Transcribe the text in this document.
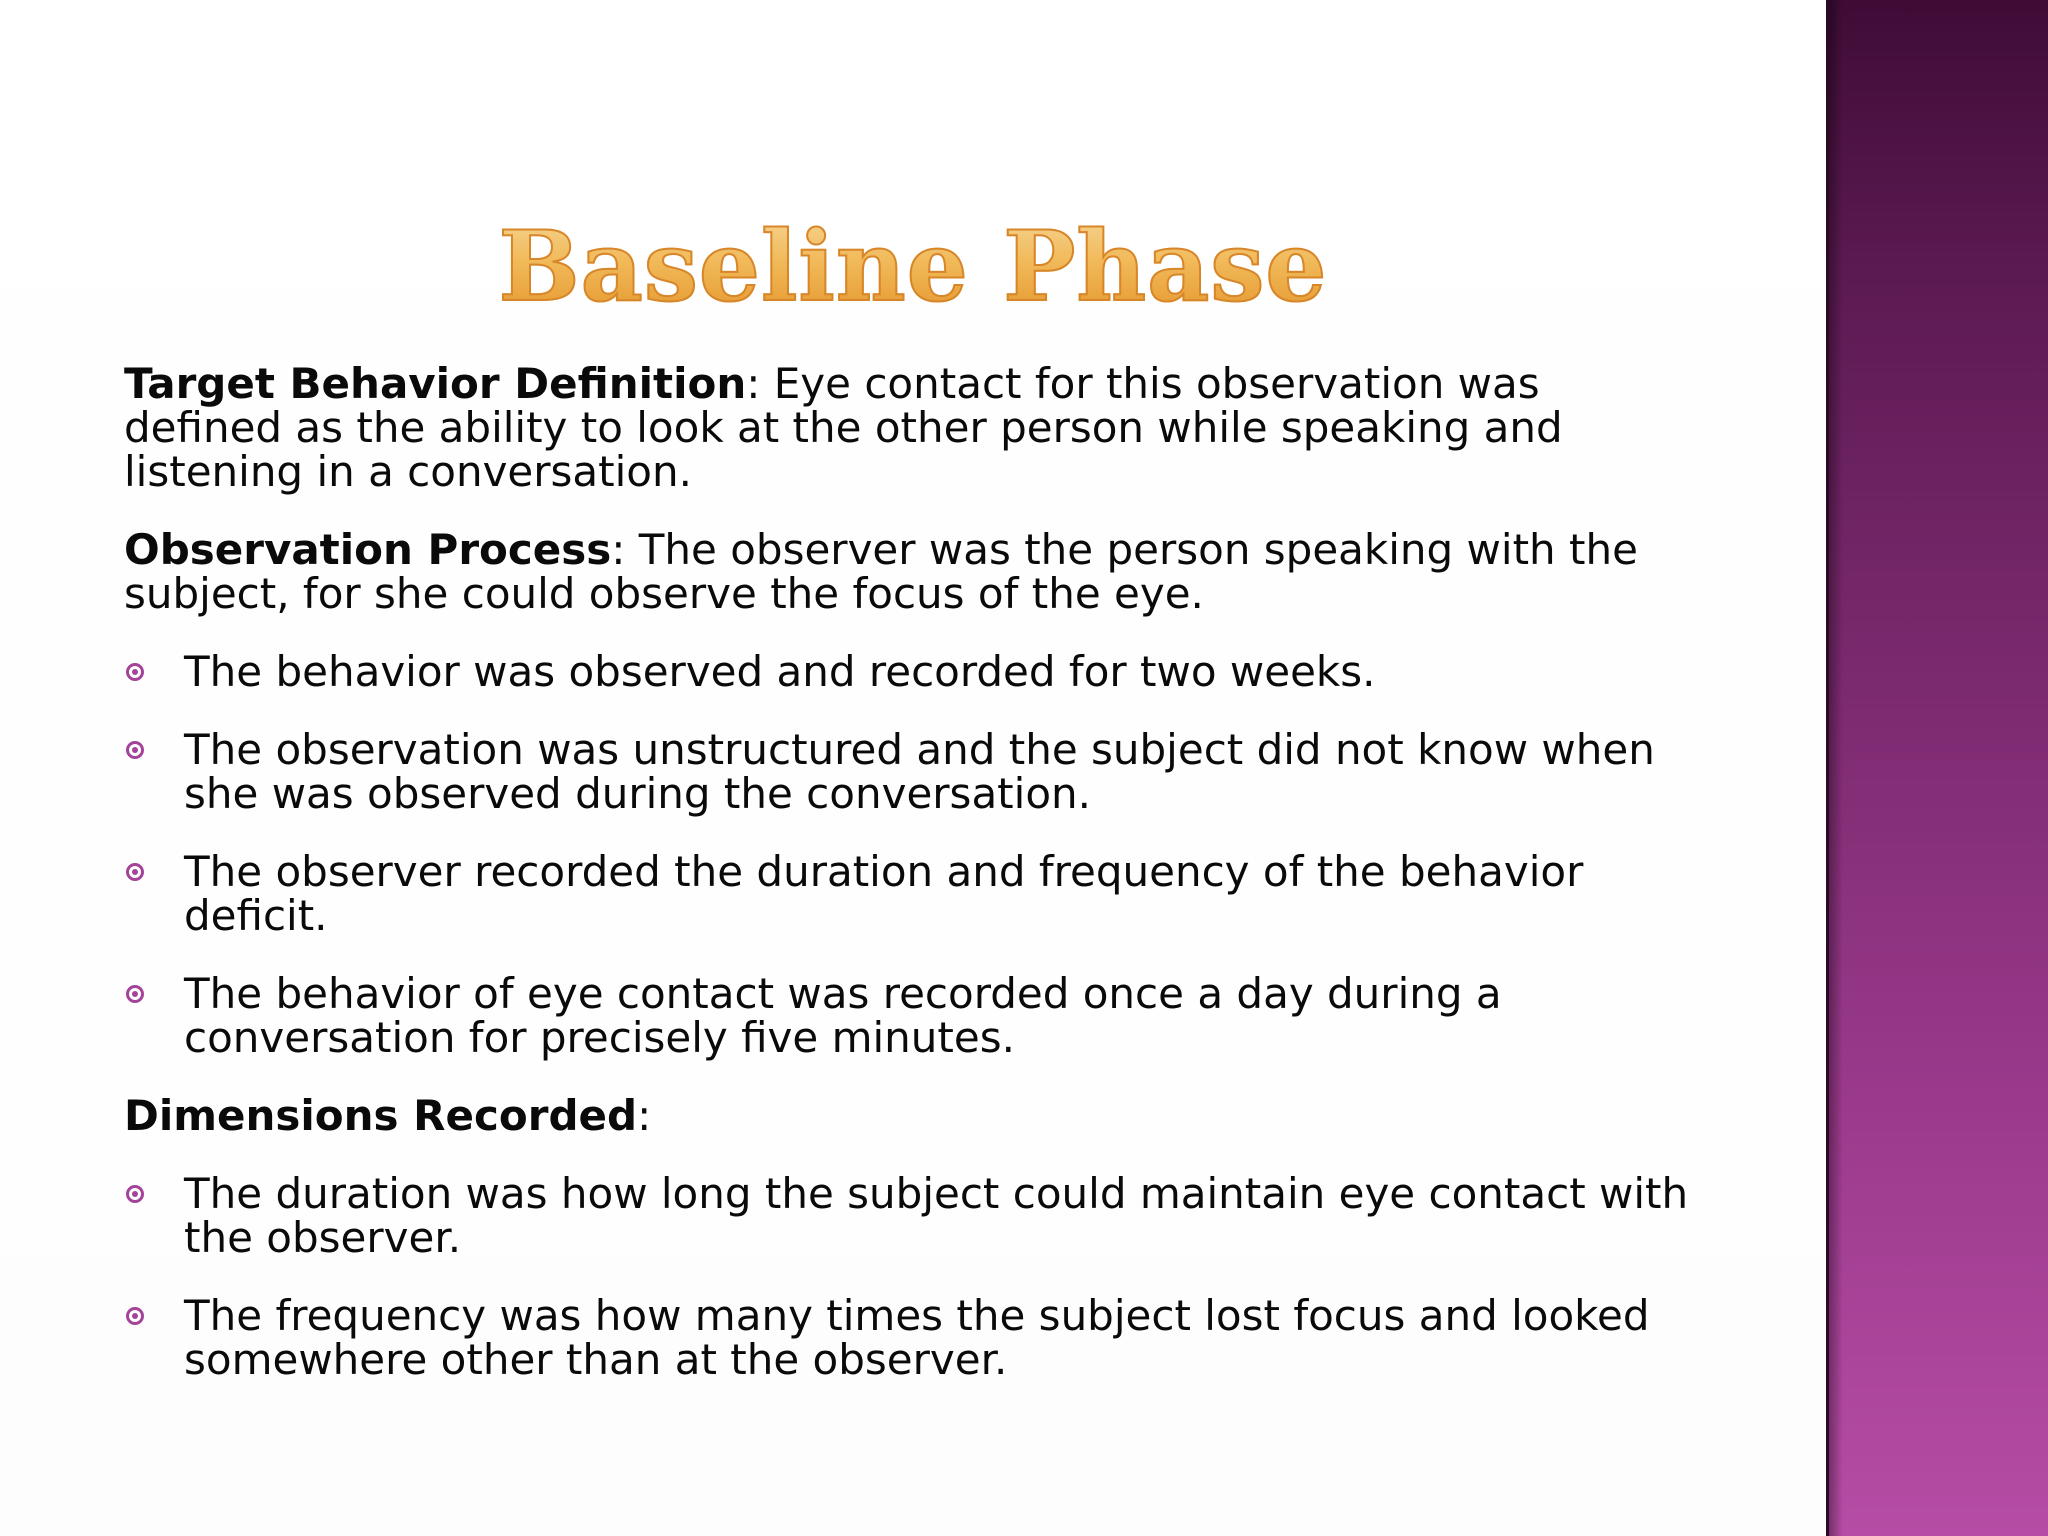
Baseline Phase

Target Behavior Definition: Eye contact for this observation was defined as the ability to look at the other person while speaking and listening in a conversation.

Observation Process: The observer was the person speaking with the subject, for she could observe the focus of the eye.

The behavior was observed and recorded for two weeks.
The observation was unstructured and the subject did not know when she was observed during the conversation.
The observer recorded the duration and frequency of the behavior deficit.
The behavior of eye contact was recorded once a day during a conversation for precisely five minutes.

Dimensions Recorded:

The duration was how long the subject could maintain eye contact with the observer.
The frequency was how many times the subject lost focus and looked somewhere other than at the observer.
